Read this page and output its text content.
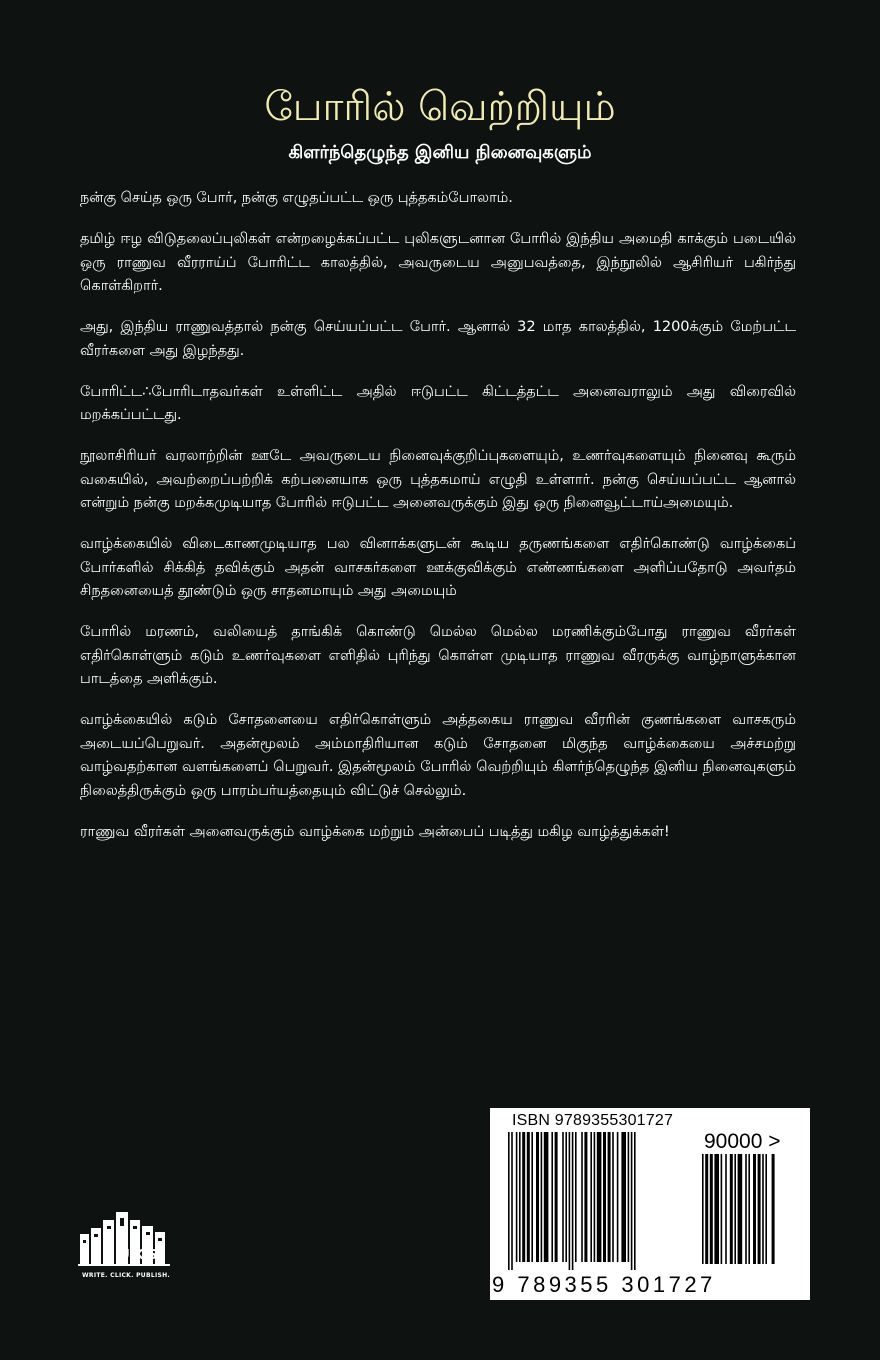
போரில் வெற்றியும்
கிளர்ந்தெழுந்த இனிய நினைவுகளும்

நன்கு செய்த ஒரு போர், நன்கு எழுதப்பட்ட ஒரு புத்தகம்போலாம்.

தமிழ் ஈழ விடுதலைப்புலிகள் என்றழைக்கப்பட்ட புலிகளுடனான போரில் இந்திய அமைதி காக்கும் படையில் ஒரு ராணுவ வீரராய்ப் போரிட்ட காலத்தில், அவருடைய அனுபவத்தை, இந்நூலில் ஆசிரியர் பகிர்ந்து கொள்கிறார்.

அது, இந்திய ராணுவத்தால் நன்கு செய்யப்பட்ட போர். ஆனால் 32 மாத காலத்தில், 1200க்கும் மேற்பட்ட வீரர்களை அது இழந்தது.

போரிட்ட∴போரிடாதவர்கள் உள்ளிட்ட அதில் ஈடுபட்ட கிட்டத்தட்ட அனைவராலும் அது விரைவில் மறக்கப்பட்டது.

நூலாசிரியர் வரலாற்றின் ஊடே அவருடைய நினைவுக்குறிப்புகளையும், உணர்வுகளையும் நினைவு கூரும் வகையில், அவற்றைப்பற்றிக் கற்பனையாக ஒரு புத்தகமாய் எழுதி உள்ளார். நன்கு செய்யப்பட்ட ஆனால் என்றும் நன்கு மறக்கமுடியாத போரில் ஈடுபட்ட அனைவருக்கும் இது ஒரு நினைவூட்டாய்அமையும்.

வாழ்க்கையில் விடைகாணமுடியாத பல வினாக்களுடன் கூடிய தருணங்களை எதிர்கொண்டு வாழ்க்கைப் போர்களில் சிக்கித் தவிக்கும் அதன் வாசகர்களை ஊக்குவிக்கும் எண்ணங்களை அளிப்பதோடு அவர்தம் சிநதனையைத் தூண்டும் ஒரு சாதனமாயும் அது அமையும்

போரில் மரணம், வலியைத் தாங்கிக் கொண்டு மெல்ல மெல்ல மரணிக்கும்போது ராணுவ வீரர்கள் எதிர்கொள்ளும் கடும் உணர்வுகளை எளிதில் புரிந்து கொள்ள முடியாத ராணுவ வீரருக்கு வாழ்நாளுக்கான பாடத்தை அளிக்கும்.

வாழ்க்கையில் கடும் சோதனையை எதிர்கொள்ளும் அத்தகைய ராணுவ வீரரின் குணங்களை வாசகரும் அடையப்பெறுவர். அதன்மூலம் அம்மாதிரியான கடும் சோதனை மிகுந்த வாழ்க்கையை அச்சமற்று வாழ்வதற்கான வளங்களைப் பெறுவர். இதன்மூலம் போரில் வெற்றியும் கிளர்ந்தெழுந்த இனிய நினைவுகளும் நிலைத்திருக்கும் ஒரு பாரம்பர்யத்தையும் விட்டுச் செல்லும்.

ராணுவ வீரர்கள் அனைவருக்கும் வாழ்க்கை மற்றும் அன்பைப் படித்து மகிழ வாழ்த்துக்கள்!

ISBN 9789355301727
90000 >
9 789355 301727
BUUKS
WRITE. CLICK. PUBLISH.
